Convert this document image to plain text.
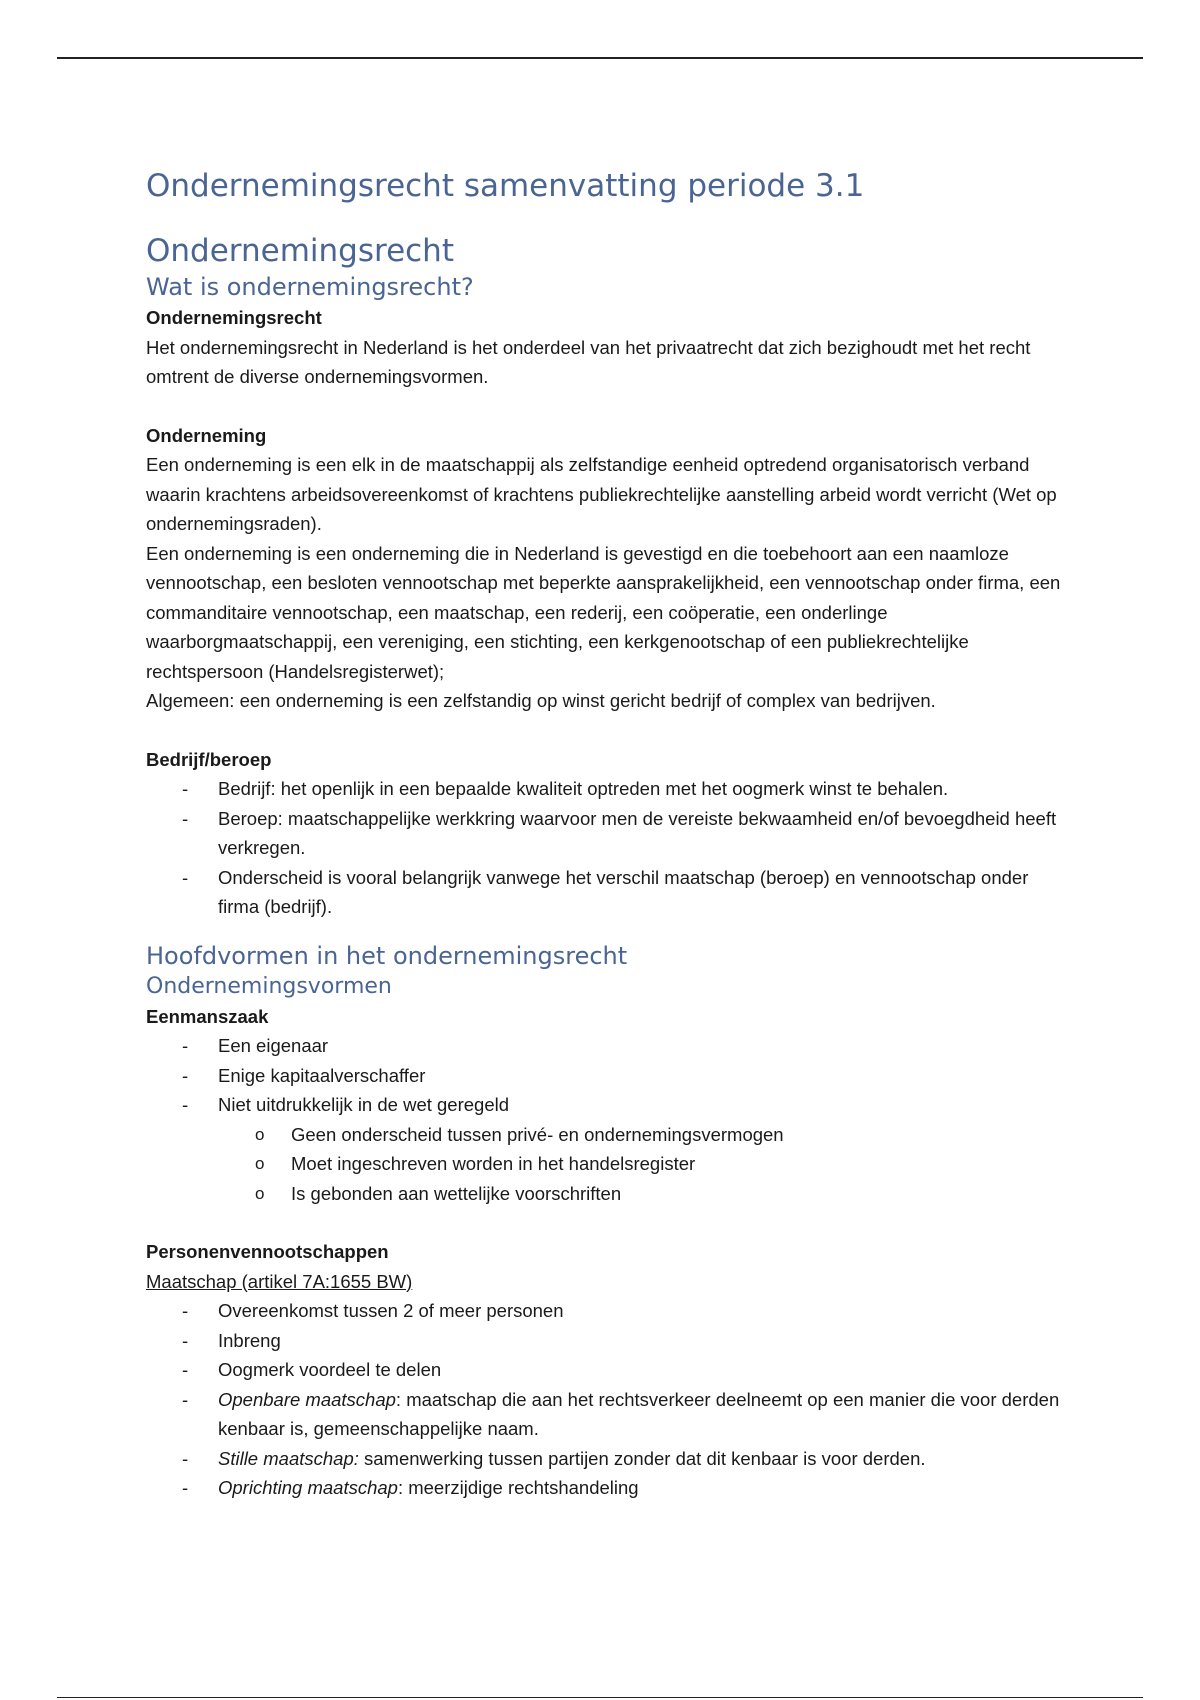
Ondernemingsrecht samenvatting periode 3.1
Ondernemingsrecht
Wat is ondernemingsrecht?
Ondernemingsrecht

Het ondernemingsrecht in Nederland is het onderdeel van het privaatrecht dat zich bezighoudt met het recht omtrent de diverse ondernemingsvormen.

Onderneming

Een onderneming is een elk in de maatschappij als zelfstandige eenheid optredend organisatorisch verband waarin krachtens arbeidsovereenkomst of krachtens publiekrechtelijke aanstelling arbeid wordt verricht (Wet op ondernemingsraden).

Een onderneming is een onderneming die in Nederland is gevestigd en die toebehoort aan een naamloze vennootschap, een besloten vennootschap met beperkte aansprakelijkheid, een vennootschap onder firma, een commanditaire vennootschap, een maatschap, een rederij, een coöperatie, een onderlinge waarborgmaatschappij, een vereniging, een stichting, een kerkgenootschap of een publiekrechtelijke rechtspersoon (Handelsregisterwet);

Algemeen: een onderneming is een zelfstandig op winst gericht bedrijf of complex van bedrijven.

Bedrijf/beroep
- Bedrijf: het openlijk in een bepaalde kwaliteit optreden met het oogmerk winst te behalen.
- Beroep: maatschappelijke werkkring waarvoor men de vereiste bekwaamheid en/of bevoegdheid heeft verkregen.
- Onderscheid is vooral belangrijk vanwege het verschil maatschap (beroep) en vennootschap onder firma (bedrijf).
Hoofdvormen in het ondernemingsrecht
Ondernemingsvormen
Eenmanszaak
- Een eigenaar
- Enige kapitaalverschaffer
- Niet uitdrukkelijk in de wet geregeld
o Geen onderscheid tussen privé- en ondernemingsvermogen
o Moet ingeschreven worden in het handelsregister
o Is gebonden aan wettelijke voorschriften
Personenvennootschappen
Maatschap (artikel 7A:1655 BW)
- Overeenkomst tussen 2 of meer personen
- Inbreng
- Oogmerk voordeel te delen
- Openbare maatschap: maatschap die aan het rechtsverkeer deelneemt op een manier die voor derden kenbaar is, gemeenschappelijke naam.
- Stille maatschap: samenwerking tussen partijen zonder dat dit kenbaar is voor derden.
- Oprichting maatschap: meerzijdige rechtshandeling
